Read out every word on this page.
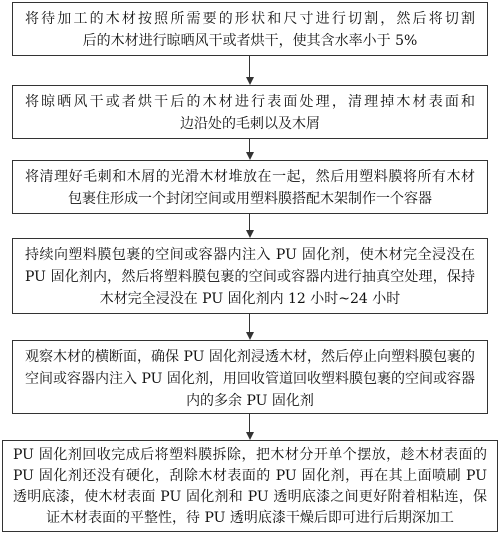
将待加工的木材按照所需要的形状和尺寸进行切割，然后将切割
后的木材进行晾晒风干或者烘干，使其含水率小于 5%
将晾晒风干或者烘干后的木材进行表面处理，清理掉木材表面和
边沿处的毛刺以及木屑
将清理好毛刺和木屑的光滑木材堆放在一起，然后用塑料膜将所有木材
包裹住形成一个封闭空间或用塑料膜搭配木架制作一个容器
持续向塑料膜包裹的空间或容器内注入 PU 固化剂，使木材完全浸没在
PU 固化剂内，然后将塑料膜包裹的空间或容器内进行抽真空处理，保持
木材完全浸没在 PU 固化剂内 12 小时~24 小时
观察木材的横断面，确保 PU 固化剂浸透木材，然后停止向塑料膜包裹的
空间或容器内注入 PU 固化剂，用回收管道回收塑料膜包裹的空间或容器
内的多余 PU 固化剂
PU 固化剂回收完成后将塑料膜拆除，把木材分开单个摆放，趁木材表面的
PU 固化剂还没有硬化，刮除木材表面的 PU 固化剂，再在其上面喷刷 PU
透明底漆，使木材表面 PU 固化剂和 PU 透明底漆之间更好附着相粘连，保
证木材表面的平整性，待 PU 透明底漆干燥后即可进行后期深加工
